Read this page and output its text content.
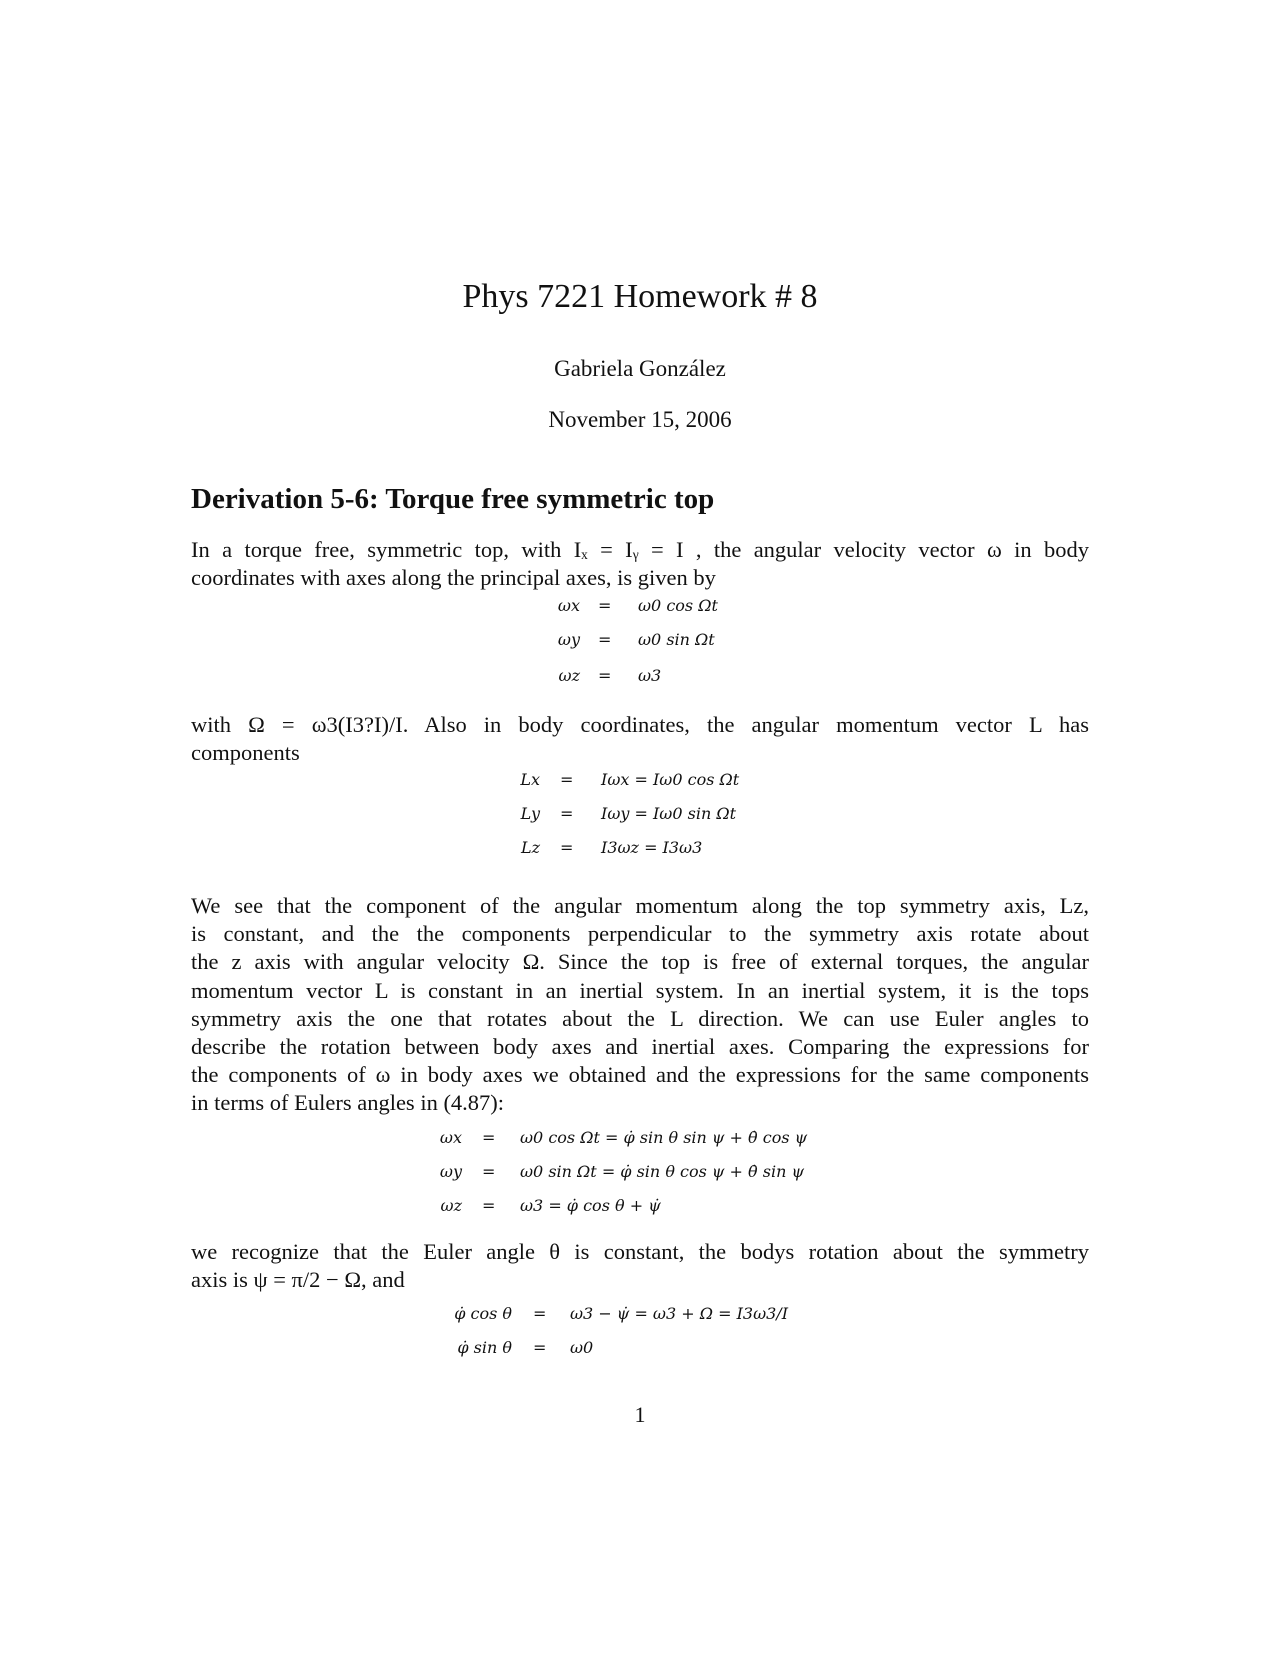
Phys 7221 Homework # 8
Gabriela González
November 15, 2006
Derivation 5-6: Torque free symmetric top
In a torque free, symmetric top, with Iₓ = Iᵧ = I , the angular velocity vector ω in body
coordinates with axes along the principal axes, is given by
ωx = ω0 cos Ωt
ωy = ω0 sin Ωt
ωz = ω3
with Ω = ω3(I3?I)/I. Also in body coordinates, the angular momentum vector L has
components
Lx = Iωx = Iω0 cos Ωt
Ly = Iωy = Iω0 sin Ωt
Lz = I3ωz = I3ω3
We see that the component of the angular momentum along the top symmetry axis, Lz,
is constant, and the the components perpendicular to the symmetry axis rotate about
the z axis with angular velocity Ω. Since the top is free of external torques, the angular
momentum vector L is constant in an inertial system. In an inertial system, it is the tops
symmetry axis the one that rotates about the L direction. We can use Euler angles to
describe the rotation between body axes and inertial axes. Comparing the expressions for
the components of ω in body axes we obtained and the expressions for the same components
in terms of Eulers angles in (4.87):
ωx = ω0 cos Ωt = φ̇ sin θ sin ψ + θ̇ cos ψ
ωy = ω0 sin Ωt = φ̇ sin θ cos ψ + θ̇ sin ψ
ωz = ω3 = φ̇ cos θ + ψ̇
we recognize that the Euler angle θ is constant, the bodys rotation about the symmetry
axis is ψ = π/2 − Ω, and
φ̇ cos θ = ω3 − ψ̇ = ω3 + Ω = I3ω3/I
φ̇ sin θ = ω0
1
